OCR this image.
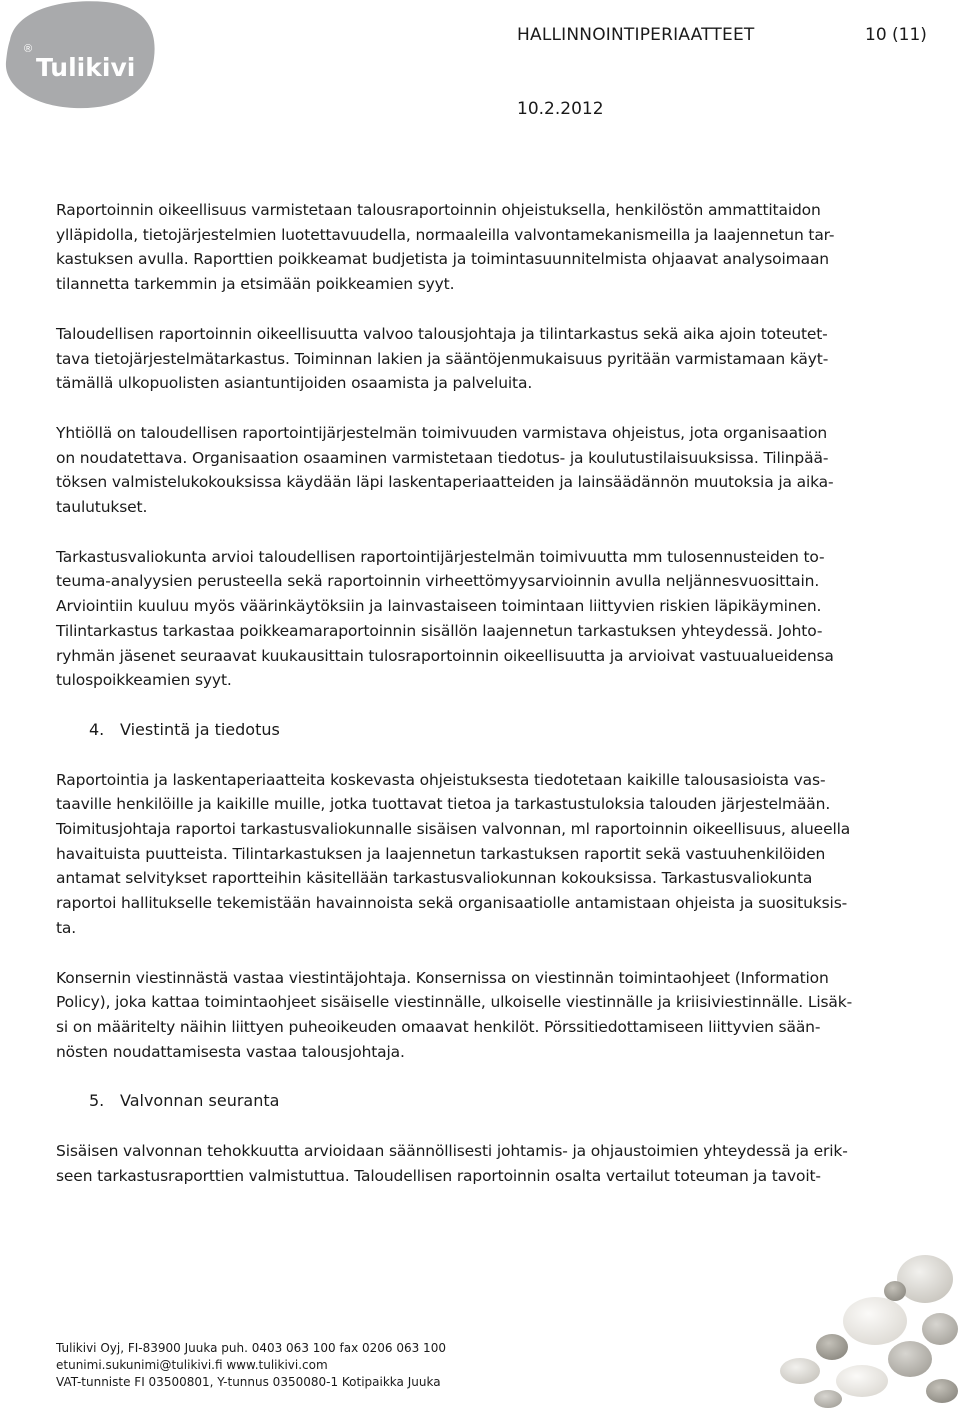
®
Tulikivi
HALLINNOINTIPERIAATTEET	10 (11)
10.2.2012
Raportoinnin oikeellisuus varmistetaan talousraportoinnin ohjeistuksella, henkilöstön ammattitaidon
ylläpidolla, tietojärjestelmien luotettavuudella, normaaleilla valvontamekanismeilla ja laajennetun tar-
kastuksen avulla. Raporttien poikkeamat budjetista ja toimintasuunnitelmista ohjaavat analysoimaan
tilannetta tarkemmin ja etsimään poikkeamien syyt.
Taloudellisen raportoinnin oikeellisuutta valvoo talousjohtaja ja tilintarkastus sekä aika ajoin toteutet-
tava tietojärjestelmätarkastus. Toiminnan lakien ja sääntöjenmukaisuus pyritään varmistamaan käyt-
tämällä ulkopuolisten asiantuntijoiden osaamista ja palveluita.
Yhtiöllä on taloudellisen raportointijärjestelmän toimivuuden varmistava ohjeistus, jota organisaation
on noudatettava. Organisaation osaaminen varmistetaan tiedotus- ja koulutustilaisuuksissa. Tilinpää-
töksen valmistelukokouksissa käydään läpi laskentaperiaatteiden ja lainsäädännön muutoksia ja aika-
taulutukset.
Tarkastusvaliokunta arvioi taloudellisen raportointijärjestelmän toimivuutta mm tulosennusteiden to-
teuma-analyysien perusteella sekä raportoinnin virheettömyysarvioinnin avulla neljännesvuosittain.
Arviointiin kuuluu myös väärinkäytöksiin ja lainvastaiseen toimintaan liittyvien riskien läpikäyminen.
Tilintarkastus tarkastaa poikkeamaraportoinnin sisällön laajennetun tarkastuksen yhteydessä. Johto-
ryhmän jäsenet seuraavat kuukausittain tulosraportoinnin oikeellisuutta ja arvioivat vastuualueidensa
tulospoikkeamien syyt.
4. Viestintä ja tiedotus
Raportointia ja laskentaperiaatteita koskevasta ohjeistuksesta tiedotetaan kaikille talousasioista vas-
taaville henkilöille ja kaikille muille, jotka tuottavat tietoa ja tarkastustuloksia talouden järjestelmään.
Toimitusjohtaja raportoi tarkastusvaliokunnalle sisäisen valvonnan, ml raportoinnin oikeellisuus, alueella
havaituista puutteista. Tilintarkastuksen ja laajennetun tarkastuksen raportit sekä vastuuhenkilöiden
antamat selvitykset raportteihin käsitellään tarkastusvaliokunnan kokouksissa. Tarkastusvaliokunta
raportoi hallitukselle tekemistään havainnoista sekä organisaatiolle antamistaan ohjeista ja suosituksis-
ta.
Konsernin viestinnästä vastaa viestintäjohtaja. Konsernissa on viestinnän toimintaohjeet (Information
Policy), joka kattaa toimintaohjeet sisäiselle viestinnälle, ulkoiselle viestinnälle ja kriisiviestinnälle. Lisäk-
si on määritelty näihin liittyen puheoikeuden omaavat henkilöt. Pörssitiedottamiseen liittyvien sään-
nösten noudattamisesta vastaa talousjohtaja.
5. Valvonnan seuranta
Sisäisen valvonnan tehokkuutta arvioidaan säännöllisesti johtamis- ja ohjaustoimien yhteydessä ja erik-
seen tarkastusraporttien valmistuttua. Taloudellisen raportoinnin osalta vertailut toteuman ja tavoit-
Tulikivi Oyj, FI-83900 Juuka puh. 0403 063 100 fax 0206 063 100
etunimi.sukunimi@tulikivi.fi www.tulikivi.com
VAT-tunniste FI 03500801, Y-tunnus 0350080-1 Kotipaikka Juuka
